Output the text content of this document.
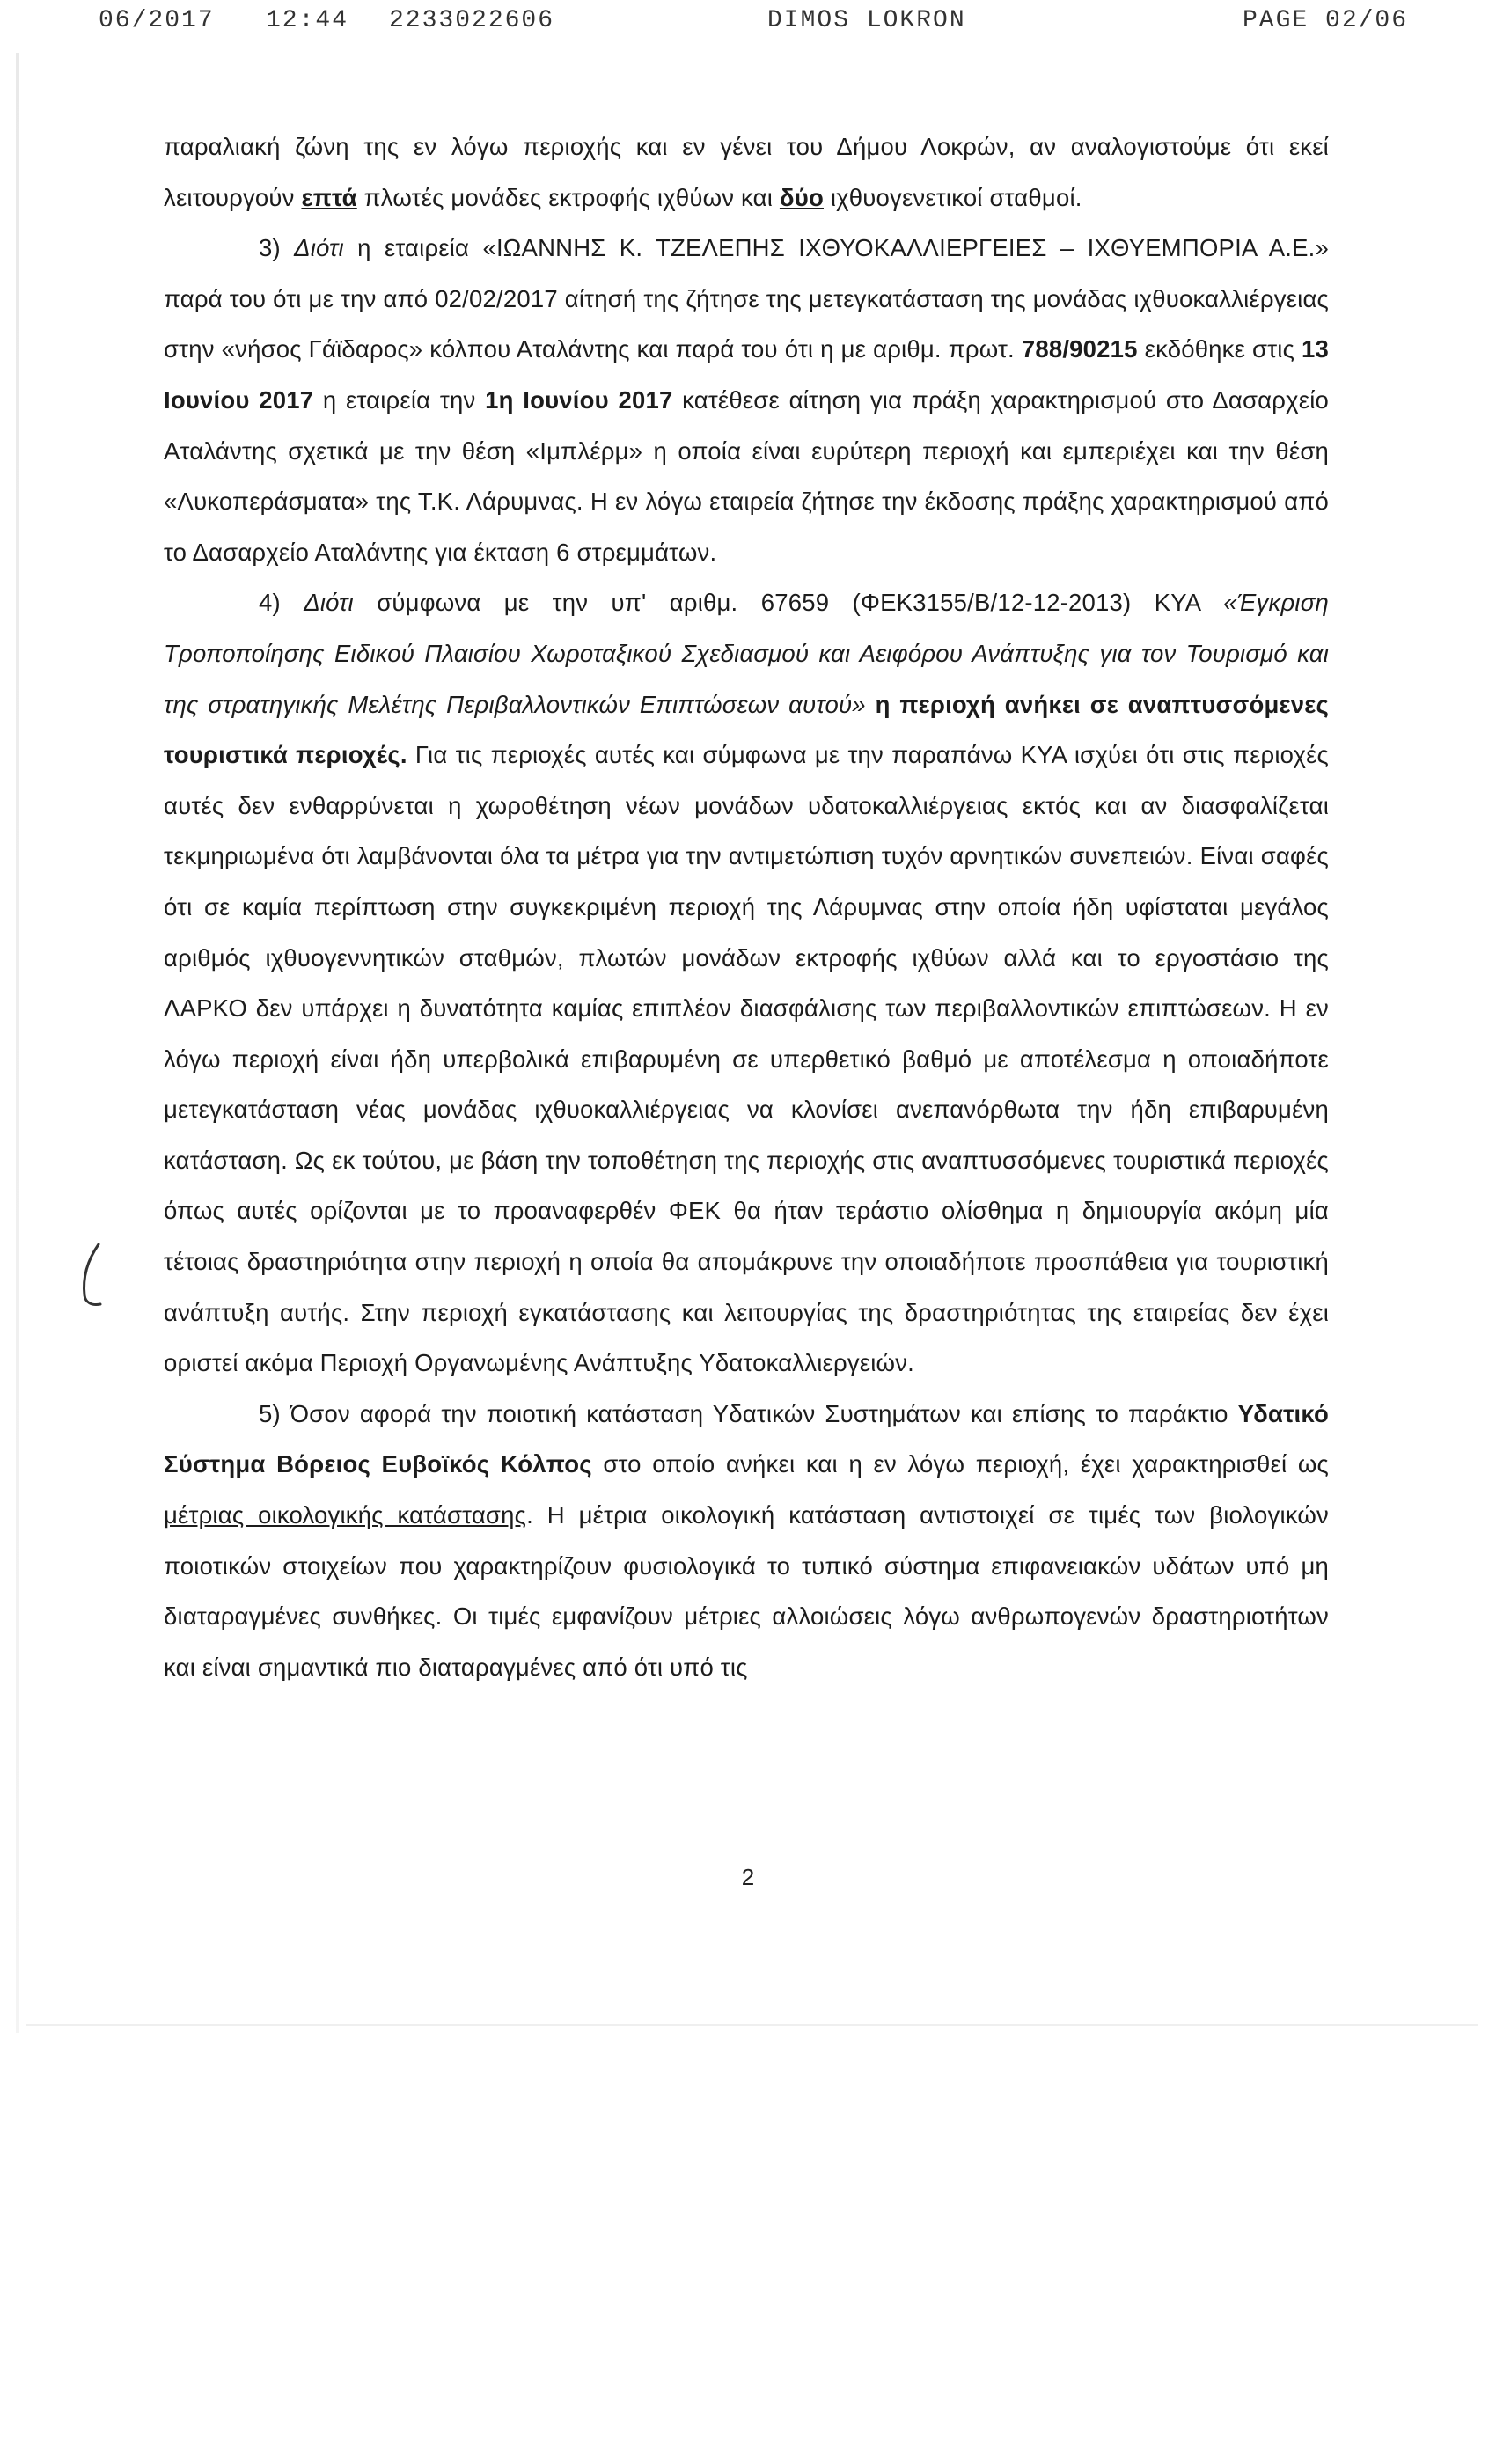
06/2017 12:44 2233022606	DIMOS LOKRON	PAGE 02/06

παραλιακή ζώνη της εν λόγω περιοχής και εν γένει του Δήμου Λοκρών, αν αναλογιστούμε ότι εκεί λειτουργούν επτά πλωτές μονάδες εκτροφής ιχθύων και δύο ιχθυογενετικοί σταθμοί.

3) Διότι η εταιρεία «ΙΩΑΝΝΗΣ Κ. ΤΖΕΛΕΠΗΣ ΙΧΘΥΟΚΑΛΛΙΕΡΓΕΙΕΣ – ΙΧΘΥΕΜΠΟΡΙΑ Α.Ε.» παρά του ότι με την από 02/02/2017 αίτησή της ζήτησε της μετεγκατάσταση της μονάδας ιχθυοκαλλιέργειας στην «νήσος Γάϊδαρος» κόλπου Αταλάντης και παρά του ότι η με αριθμ. πρωτ. 788/90215 εκδόθηκε στις 13 Ιουνίου 2017 η εταιρεία την 1η Ιουνίου 2017 κατέθεσε αίτηση για πράξη χαρακτηρισμού στο Δασαρχείο Αταλάντης σχετικά με την θέση «Ιμπλέρμ» η οποία είναι ευρύτερη περιοχή και εμπεριέχει και την θέση «Λυκοπεράσματα» της Τ.Κ. Λάρυμνας. Η εν λόγω εταιρεία ζήτησε την έκδοσης πράξης χαρακτηρισμού από το Δασαρχείο Αταλάντης για έκταση 6 στρεμμάτων.

4) Διότι σύμφωνα με την υπ' αριθμ. 67659 (ΦΕΚ3155/Β/12-12-2013) ΚΥΑ «Έγκριση Τροποποίησης Ειδικού Πλαισίου Χωροταξικού Σχεδιασμού και Αειφόρου Ανάπτυξης για τον Τουρισμό και της στρατηγικής Μελέτης Περιβαλλοντικών Επιπτώσεων αυτού» η περιοχή ανήκει σε αναπτυσσόμενες τουριστικά περιοχές. Για τις περιοχές αυτές και σύμφωνα με την παραπάνω ΚΥΑ ισχύει ότι στις περιοχές αυτές δεν ενθαρρύνεται η χωροθέτηση νέων μονάδων υδατοκαλλιέργειας εκτός και αν διασφαλίζεται τεκμηριωμένα ότι λαμβάνονται όλα τα μέτρα για την αντιμετώπιση τυχόν αρνητικών συνεπειών. Είναι σαφές ότι σε καμία περίπτωση στην συγκεκριμένη περιοχή της Λάρυμνας στην οποία ήδη υφίσταται μεγάλος αριθμός ιχθυογεννητικών σταθμών, πλωτών μονάδων εκτροφής ιχθύων αλλά και το εργοστάσιο της ΛΑΡΚΟ δεν υπάρχει η δυνατότητα καμίας επιπλέον διασφάλισης των περιβαλλοντικών επιπτώσεων. Η εν λόγω περιοχή είναι ήδη υπερβολικά επιβαρυμένη σε υπερθετικό βαθμό με αποτέλεσμα η οποιαδήποτε μετεγκατάσταση νέας μονάδας ιχθυοκαλλιέργειας να κλονίσει ανεπανόρθωτα την ήδη επιβαρυμένη κατάσταση. Ως εκ τούτου, με βάση την τοποθέτηση της περιοχής στις αναπτυσσόμενες τουριστικά περιοχές όπως αυτές ορίζονται με το προαναφερθέν ΦΕΚ θα ήταν τεράστιο ολίσθημα η δημιουργία ακόμη μία τέτοιας δραστηριότητα στην περιοχή η οποία θα απομάκρυνε την οποιαδήποτε προσπάθεια για τουριστική ανάπτυξη αυτής. Στην περιοχή εγκατάστασης και λειτουργίας της δραστηριότητας της εταιρείας δεν έχει οριστεί ακόμα Περιοχή Οργανωμένης Ανάπτυξης Υδατοκαλλιεργειών.

5) Όσον αφορά την ποιοτική κατάσταση Υδατικών Συστημάτων και επίσης το παράκτιο Υδατικό Σύστημα Βόρειος Ευβοϊκός Κόλπος στο οποίο ανήκει και η εν λόγω περιοχή, έχει χαρακτηρισθεί ως μέτριας οικολογικής κατάστασης. Η μέτρια οικολογική κατάσταση αντιστοιχεί σε τιμές των βιολογικών ποιοτικών στοιχείων που χαρακτηρίζουν φυσιολογικά το τυπικό σύστημα επιφανειακών υδάτων υπό μη διαταραγμένες συνθήκες. Οι τιμές εμφανίζουν μέτριες αλλοιώσεις λόγω ανθρωπογενών δραστηριοτήτων και είναι σημαντικά πιο διαταραγμένες από ότι υπό τις

2
